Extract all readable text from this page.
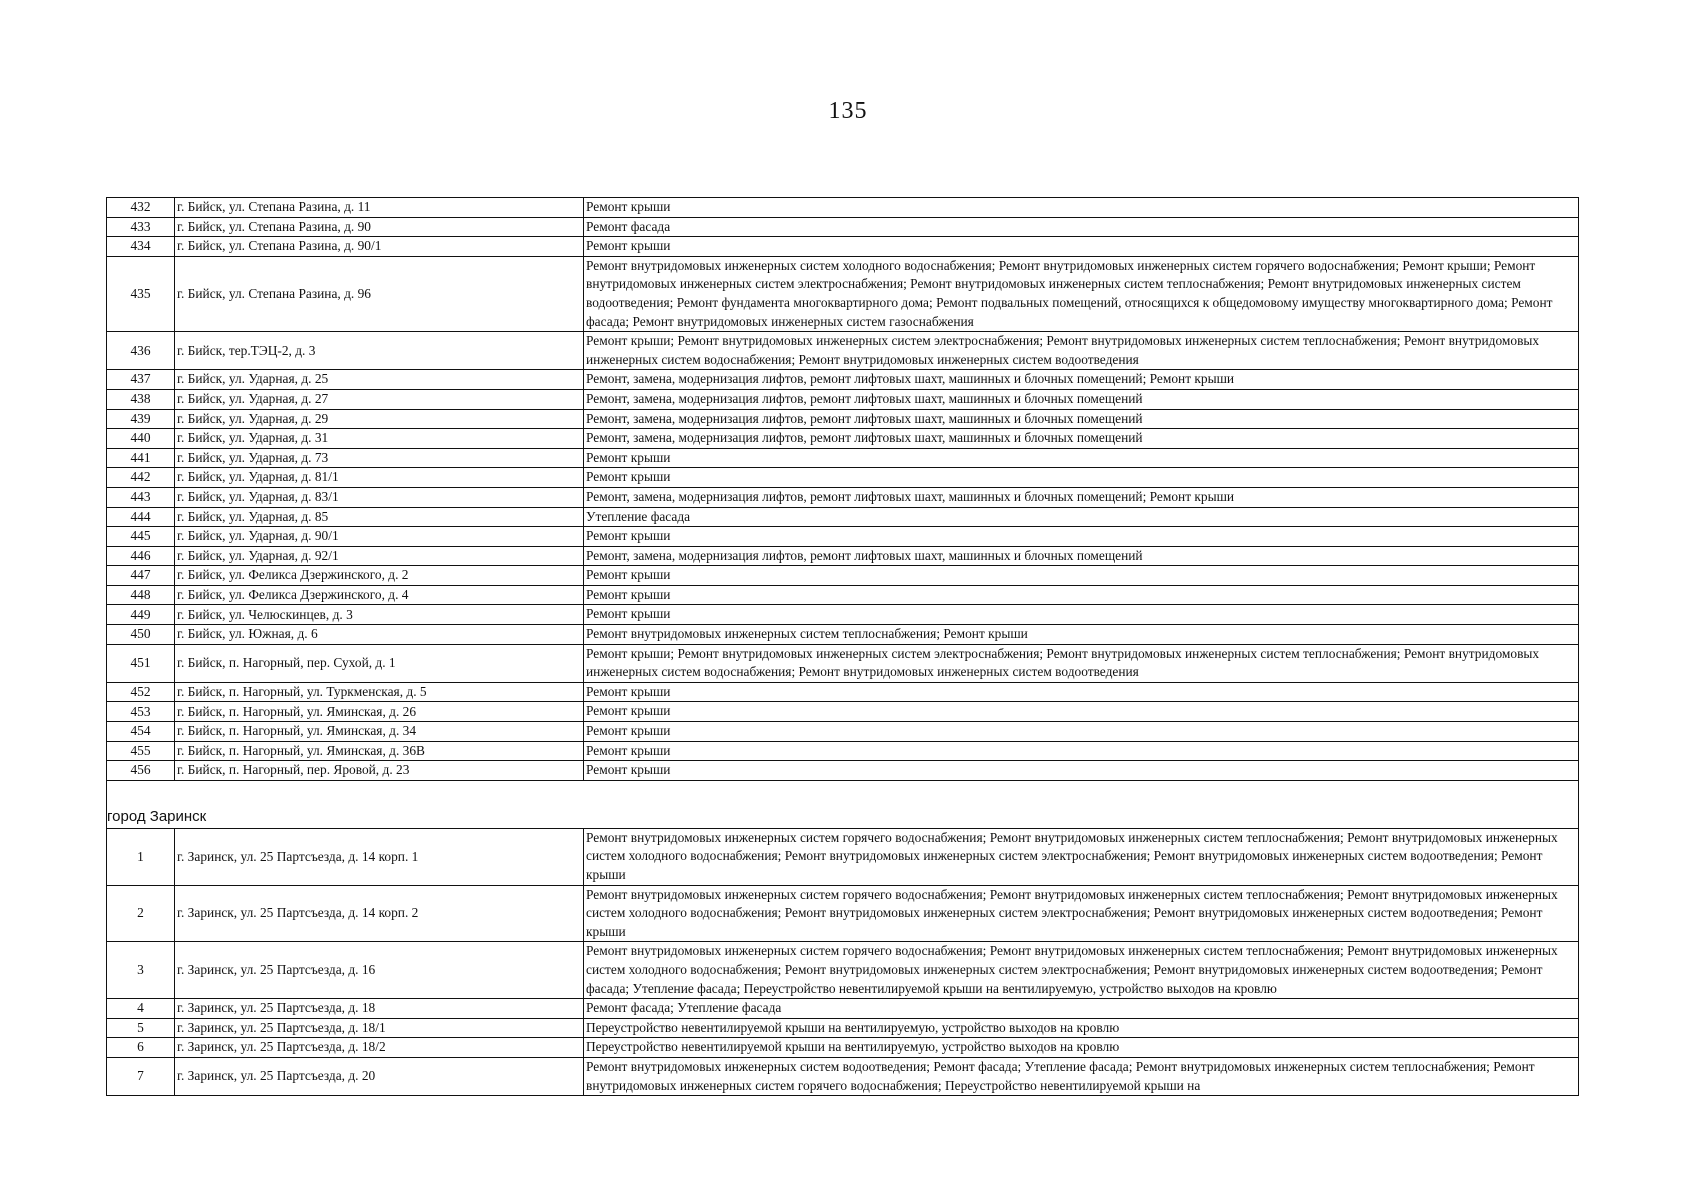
135
432	г. Бийск, ул. Степана Разина, д. 11	Ремонт крыши
433	г. Бийск, ул. Степана Разина, д. 90	Ремонт фасада
434	г. Бийск, ул. Степана Разина, д. 90/1	Ремонт крыши
435	г. Бийск, ул. Степана Разина, д. 96	Ремонт внутридомовых инженерных систем холодного водоснабжения; Ремонт внутридомовых инженерных систем горячего водоснабжения; Ремонт крыши; Ремонт внутридомовых инженерных систем электроснабжения; Ремонт внутридомовых инженерных систем теплоснабжения; Ремонт внутридомовых инженерных систем водоотведения; Ремонт фундамента многоквартирного дома; Ремонт подвальных помещений, относящихся к общедомовому имуществу многоквартирного дома; Ремонт фасада; Ремонт внутридомовых инженерных систем газоснабжения
436	г. Бийск, тер.ТЭЦ-2, д. 3	Ремонт крыши; Ремонт внутридомовых инженерных систем электроснабжения; Ремонт внутридомовых инженерных систем теплоснабжения; Ремонт внутридомовых инженерных систем водоснабжения; Ремонт внутридомовых инженерных систем водоотведения
437	г. Бийск, ул. Ударная, д. 25	Ремонт, замена, модернизация лифтов, ремонт лифтовых шахт, машинных и блочных помещений; Ремонт крыши
438	г. Бийск, ул. Ударная, д. 27	Ремонт, замена, модернизация лифтов, ремонт лифтовых шахт, машинных и блочных помещений
439	г. Бийск, ул. Ударная, д. 29	Ремонт, замена, модернизация лифтов, ремонт лифтовых шахт, машинных и блочных помещений
440	г. Бийск, ул. Ударная, д. 31	Ремонт, замена, модернизация лифтов, ремонт лифтовых шахт, машинных и блочных помещений
441	г. Бийск, ул. Ударная, д. 73	Ремонт крыши
442	г. Бийск, ул. Ударная, д. 81/1	Ремонт крыши
443	г. Бийск, ул. Ударная, д. 83/1	Ремонт, замена, модернизация лифтов, ремонт лифтовых шахт, машинных и блочных помещений; Ремонт крыши
444	г. Бийск, ул. Ударная, д. 85	Утепление фасада
445	г. Бийск, ул. Ударная, д. 90/1	Ремонт крыши
446	г. Бийск, ул. Ударная, д. 92/1	Ремонт, замена, модернизация лифтов, ремонт лифтовых шахт, машинных и блочных помещений
447	г. Бийск, ул. Феликса Дзержинского, д. 2	Ремонт крыши
448	г. Бийск, ул. Феликса Дзержинского, д. 4	Ремонт крыши
449	г. Бийск, ул. Челюскинцев, д. 3	Ремонт крыши
450	г. Бийск, ул. Южная, д. 6	Ремонт внутридомовых инженерных систем теплоснабжения; Ремонт крыши
451	г. Бийск, п. Нагорный, пер. Сухой, д. 1	Ремонт крыши; Ремонт внутридомовых инженерных систем электроснабжения; Ремонт внутридомовых инженерных систем теплоснабжения; Ремонт внутридомовых инженерных систем водоснабжения; Ремонт внутридомовых инженерных систем водоотведения
452	г. Бийск, п. Нагорный, ул. Туркменская, д. 5	Ремонт крыши
453	г. Бийск, п. Нагорный, ул. Яминская, д. 26	Ремонт крыши
454	г. Бийск, п. Нагорный, ул. Яминская, д. 34	Ремонт крыши
455	г. Бийск, п. Нагорный, ул. Яминская, д. 36В	Ремонт крыши
456	г. Бийск, п. Нагорный, пер. Яровой, д. 23	Ремонт крыши
город Заринск		
1	г. Заринск, ул. 25 Партсъезда, д. 14 корп. 1	Ремонт внутридомовых инженерных систем горячего водоснабжения; Ремонт внутридомовых инженерных систем теплоснабжения; Ремонт внутридомовых инженерных систем холодного водоснабжения; Ремонт внутридомовых инженерных систем электроснабжения; Ремонт внутридомовых инженерных систем водоотведения; Ремонт крыши
2	г. Заринск, ул. 25 Партсъезда, д. 14 корп. 2	Ремонт внутридомовых инженерных систем горячего водоснабжения; Ремонт внутридомовых инженерных систем теплоснабжения; Ремонт внутридомовых инженерных систем холодного водоснабжения; Ремонт внутридомовых инженерных систем электроснабжения; Ремонт внутридомовых инженерных систем водоотведения; Ремонт крыши
3	г. Заринск, ул. 25 Партсъезда, д. 16	Ремонт внутридомовых инженерных систем горячего водоснабжения; Ремонт внутридомовых инженерных систем теплоснабжения; Ремонт внутридомовых инженерных систем холодного водоснабжения; Ремонт внутридомовых инженерных систем электроснабжения; Ремонт внутридомовых инженерных систем водоотведения; Ремонт фасада; Утепление фасада; Переустройство невентилируемой крыши на вентилируемую, устройство выходов на кровлю
4	г. Заринск, ул. 25 Партсъезда, д. 18	Ремонт фасада; Утепление фасада
5	г. Заринск, ул. 25 Партсъезда, д. 18/1	Переустройство невентилируемой крыши на вентилируемую, устройство выходов на кровлю
6	г. Заринск, ул. 25 Партсъезда, д. 18/2	Переустройство невентилируемой крыши на вентилируемую, устройство выходов на кровлю
7	г. Заринск, ул. 25 Партсъезда, д. 20	Ремонт внутридомовых инженерных систем водоотведения; Ремонт фасада; Утепление фасада; Ремонт внутридомовых инженерных систем теплоснабжения; Ремонт внутридомовых инженерных систем горячего водоснабжения; Переустройство невентилируемой крыши на
